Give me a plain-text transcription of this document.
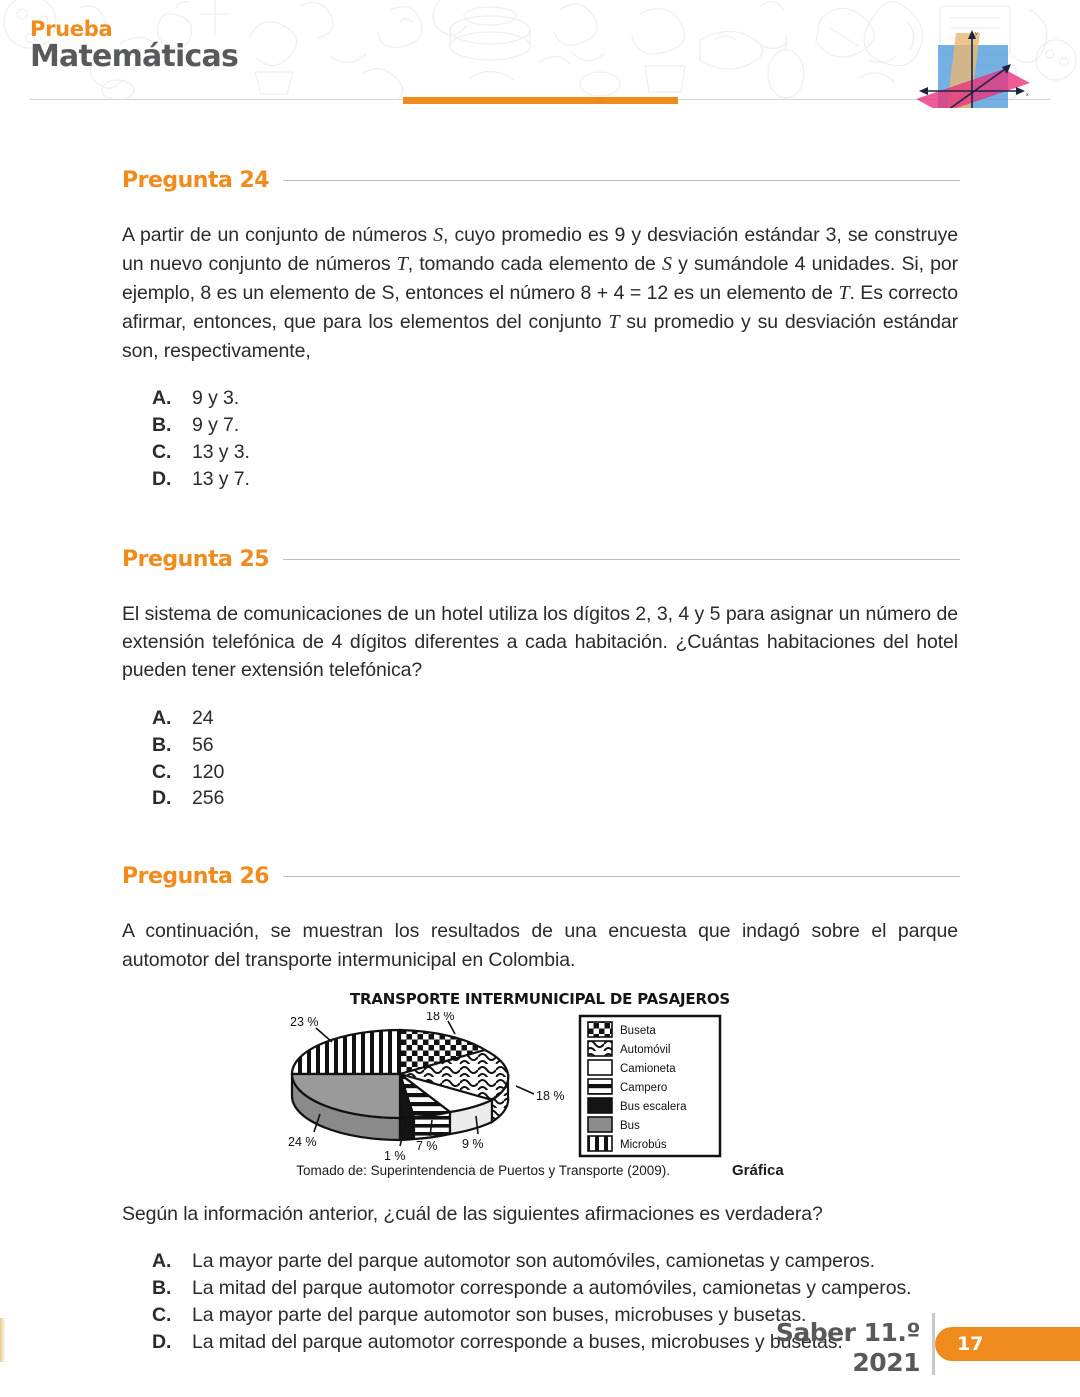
Prueba
Matemáticas
y
x
z
Pregunta 24
A partir de un conjunto de números S, cuyo promedio es 9 y desviación estándar 3, se construye un nuevo conjunto de números T, tomando cada elemento de S y sumándole 4 unidades. Si, por ejemplo, 8 es un elemento de S, entonces el número 8 + 4 = 12 es un elemento de T. Es correcto afirmar, entonces, que para los elementos del conjunto T su promedio y su desviación estándar son, respectivamente,
A.	9 y 3.
B.	9 y 7.
C.	13 y 3.
D.	13 y 7.
Pregunta 25
El sistema de comunicaciones de un hotel utiliza los dígitos 2, 3, 4 y 5 para asignar un número de extensión telefónica de 4 dígitos diferentes a cada habitación. ¿Cuántas habitaciones del hotel pueden tener extensión telefónica?
A.	24
B.	56
C.	120
D.	256
Pregunta 26
A continuación, se muestran los resultados de una encuesta que indagó sobre el parque automotor del transporte intermunicipal en Colombia.
TRANSPORTE INTERMUNICIPAL DE PASAJEROS
23 %	18 %
18 %
9 %
7 %
1 %
24 %
Buseta
Automóvil
Camioneta
Campero
Bus escalera
Bus
Microbús
Tomado de: Superintendencia de Puertos y Transporte (2009).	Gráfica
Según la información anterior, ¿cuál de las siguientes afirmaciones es verdadera?
A.	La mayor parte del parque automotor son automóviles, camionetas y camperos.
B.	La mitad del parque automotor corresponde a automóviles, camionetas y camperos.
C.	La mayor parte del parque automotor son buses, microbuses y busetas.
D.	La mitad del parque automotor corresponde a buses, microbuses y busetas.
Saber 11.º
2021
17
